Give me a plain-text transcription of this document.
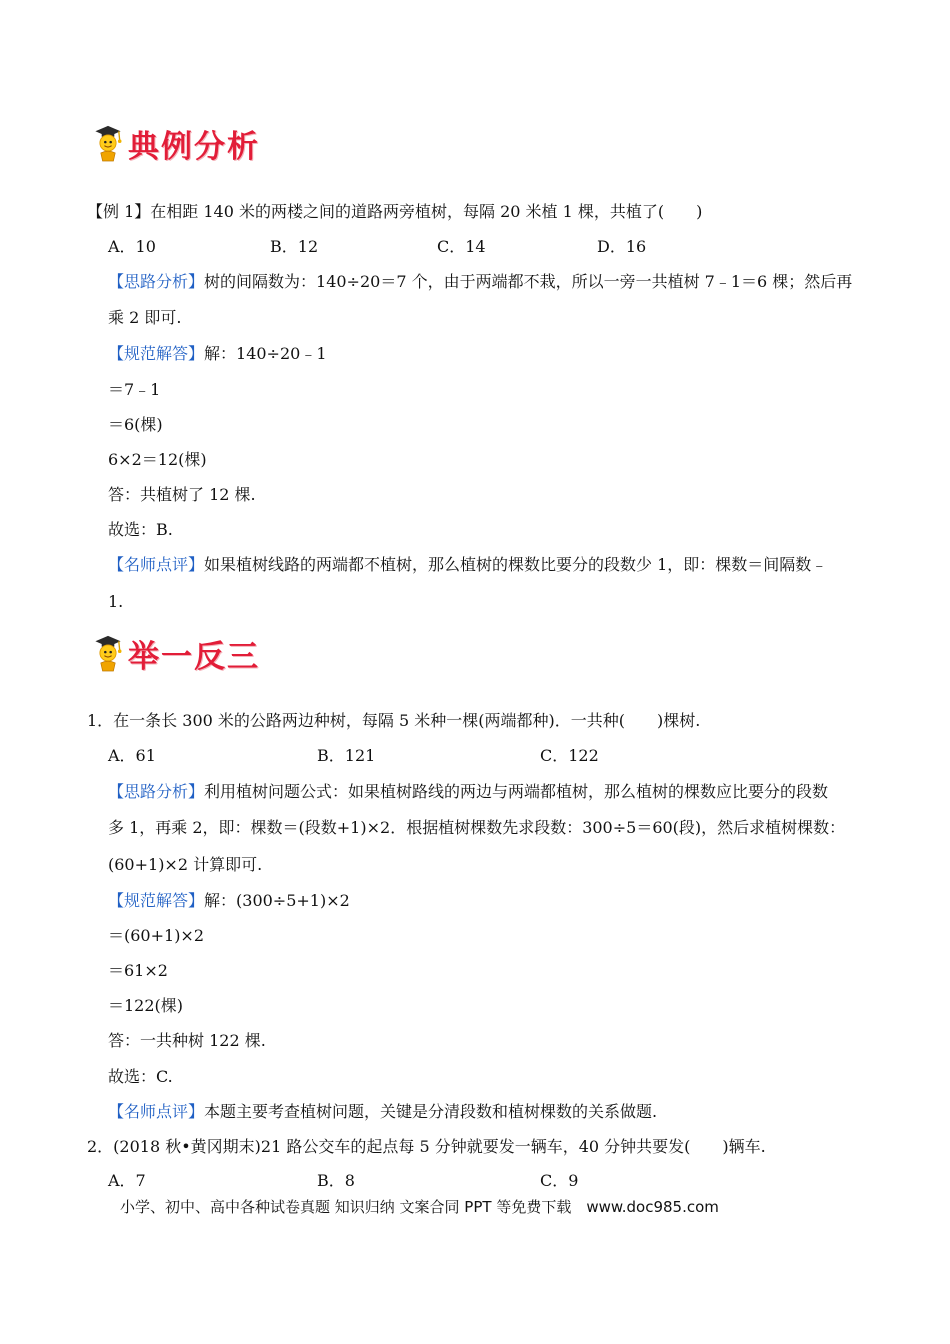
典例分析
【例 1】在相距 140 米的两楼之间的道路两旁植树，每隔 20 米植 1 棵，共植了(　　)
A．10	B．12	C．14	D．16
【思路分析】树的间隔数为：140÷20＝7 个，由于两端都不栽，所以一旁一共植树 7﹣1＝6 棵；然后再
乘 2 即可.
【规范解答】解：140÷20﹣1
＝7﹣1
＝6(棵)
6×2＝12(棵)
答：共植树了 12 棵.
故选：B.
【名师点评】如果植树线路的两端都不植树，那么植树的棵数比要分的段数少 1，即：棵数＝间隔数﹣
1.
举一反三
1．在一条长 300 米的公路两边种树，每隔 5 米种一棵(两端都种)．一共种(　　)棵树.
A．61	B．121	C．122
【思路分析】利用植树问题公式：如果植树路线的两边与两端都植树，那么植树的棵数应比要分的段数
多 1，再乘 2，即：棵数＝(段数+1)×2．根据植树棵数先求段数：300÷5＝60(段)，然后求植树棵数：
(60+1)×2 计算即可.
【规范解答】解：(300÷5+1)×2
＝(60+1)×2
＝61×2
＝122(棵)
答：一共种树 122 棵.
故选：C.
【名师点评】本题主要考查植树问题，关键是分清段数和植树棵数的关系做题.
2．(2018 秋•黄冈期末)21 路公交车的起点每 5 分钟就要发一辆车，40 分钟共要发(　　)辆车.
A．7	B．8	C．9
小学、初中、高中各种试卷真题 知识归纳 文案合同 PPT 等免费下载　www.doc985.com
